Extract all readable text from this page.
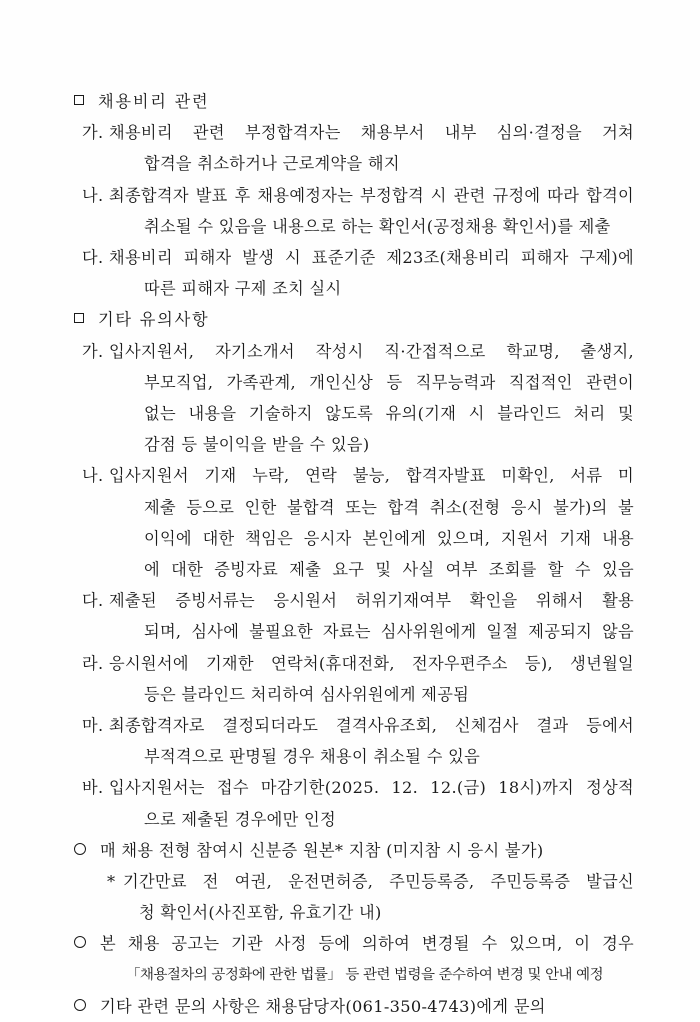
채용비리 관련
가. 채용비리 관련 부정합격자는 채용부서 내부 심의·결정을 거쳐
합격을 취소하거나 근로계약을 해지
나. 최종합격자 발표 후 채용예정자는 부정합격 시 관련 규정에 따라 합격이
취소될 수 있음을 내용으로 하는 확인서(공정채용 확인서)를 제출
다. 채용비리 피해자 발생 시 표준기준 제23조(채용비리 피해자 구제)에
따른 피해자 구제 조치 실시
기타 유의사항
가. 입사지원서, 자기소개서 작성시 직·간접적으로 학교명, 출생지,
부모직업, 가족관계, 개인신상 등 직무능력과 직접적인 관련이
없는 내용을 기술하지 않도록 유의(기재 시 블라인드 처리 및
감점 등 불이익을 받을 수 있음)
나. 입사지원서 기재 누락, 연락 불능, 합격자발표 미확인, 서류 미
제출 등으로 인한 불합격 또는 합격 취소(전형 응시 불가)의 불
이익에 대한 책임은 응시자 본인에게 있으며, 지원서 기재 내용
에 대한 증빙자료 제출 요구 및 사실 여부 조회를 할 수 있음
다. 제출된 증빙서류는 응시원서 허위기재여부 확인을 위해서 활용
되며, 심사에 불필요한 자료는 심사위원에게 일절 제공되지 않음
라. 응시원서에 기재한 연락처(휴대전화, 전자우편주소 등), 생년월일
등은 블라인드 처리하여 심사위원에게 제공됨
마. 최종합격자로 결정되더라도 결격사유조회, 신체검사 결과 등에서
부적격으로 판명될 경우 채용이 취소될 수 있음
바. 입사지원서는 접수 마감기한(2025. 12. 12.(금) 18시)까지 정상적
으로 제출된 경우에만 인정
매 채용 전형 참여시 신분증 원본* 지참 (미지참 시 응시 불가)
* 기간만료 전 여권, 운전면허증, 주민등록증, 주민등록증 발급신
청 확인서(사진포함, 유효기간 내)
본 채용 공고는 기관 사정 등에 의하여 변경될 수 있으며, 이 경우
「채용절차의 공정화에 관한 법률」 등 관련 법령을 준수하여 변경 및 안내 예정
기타 관련 문의 사항은 채용담당자(061-350-4743)에게 문의
